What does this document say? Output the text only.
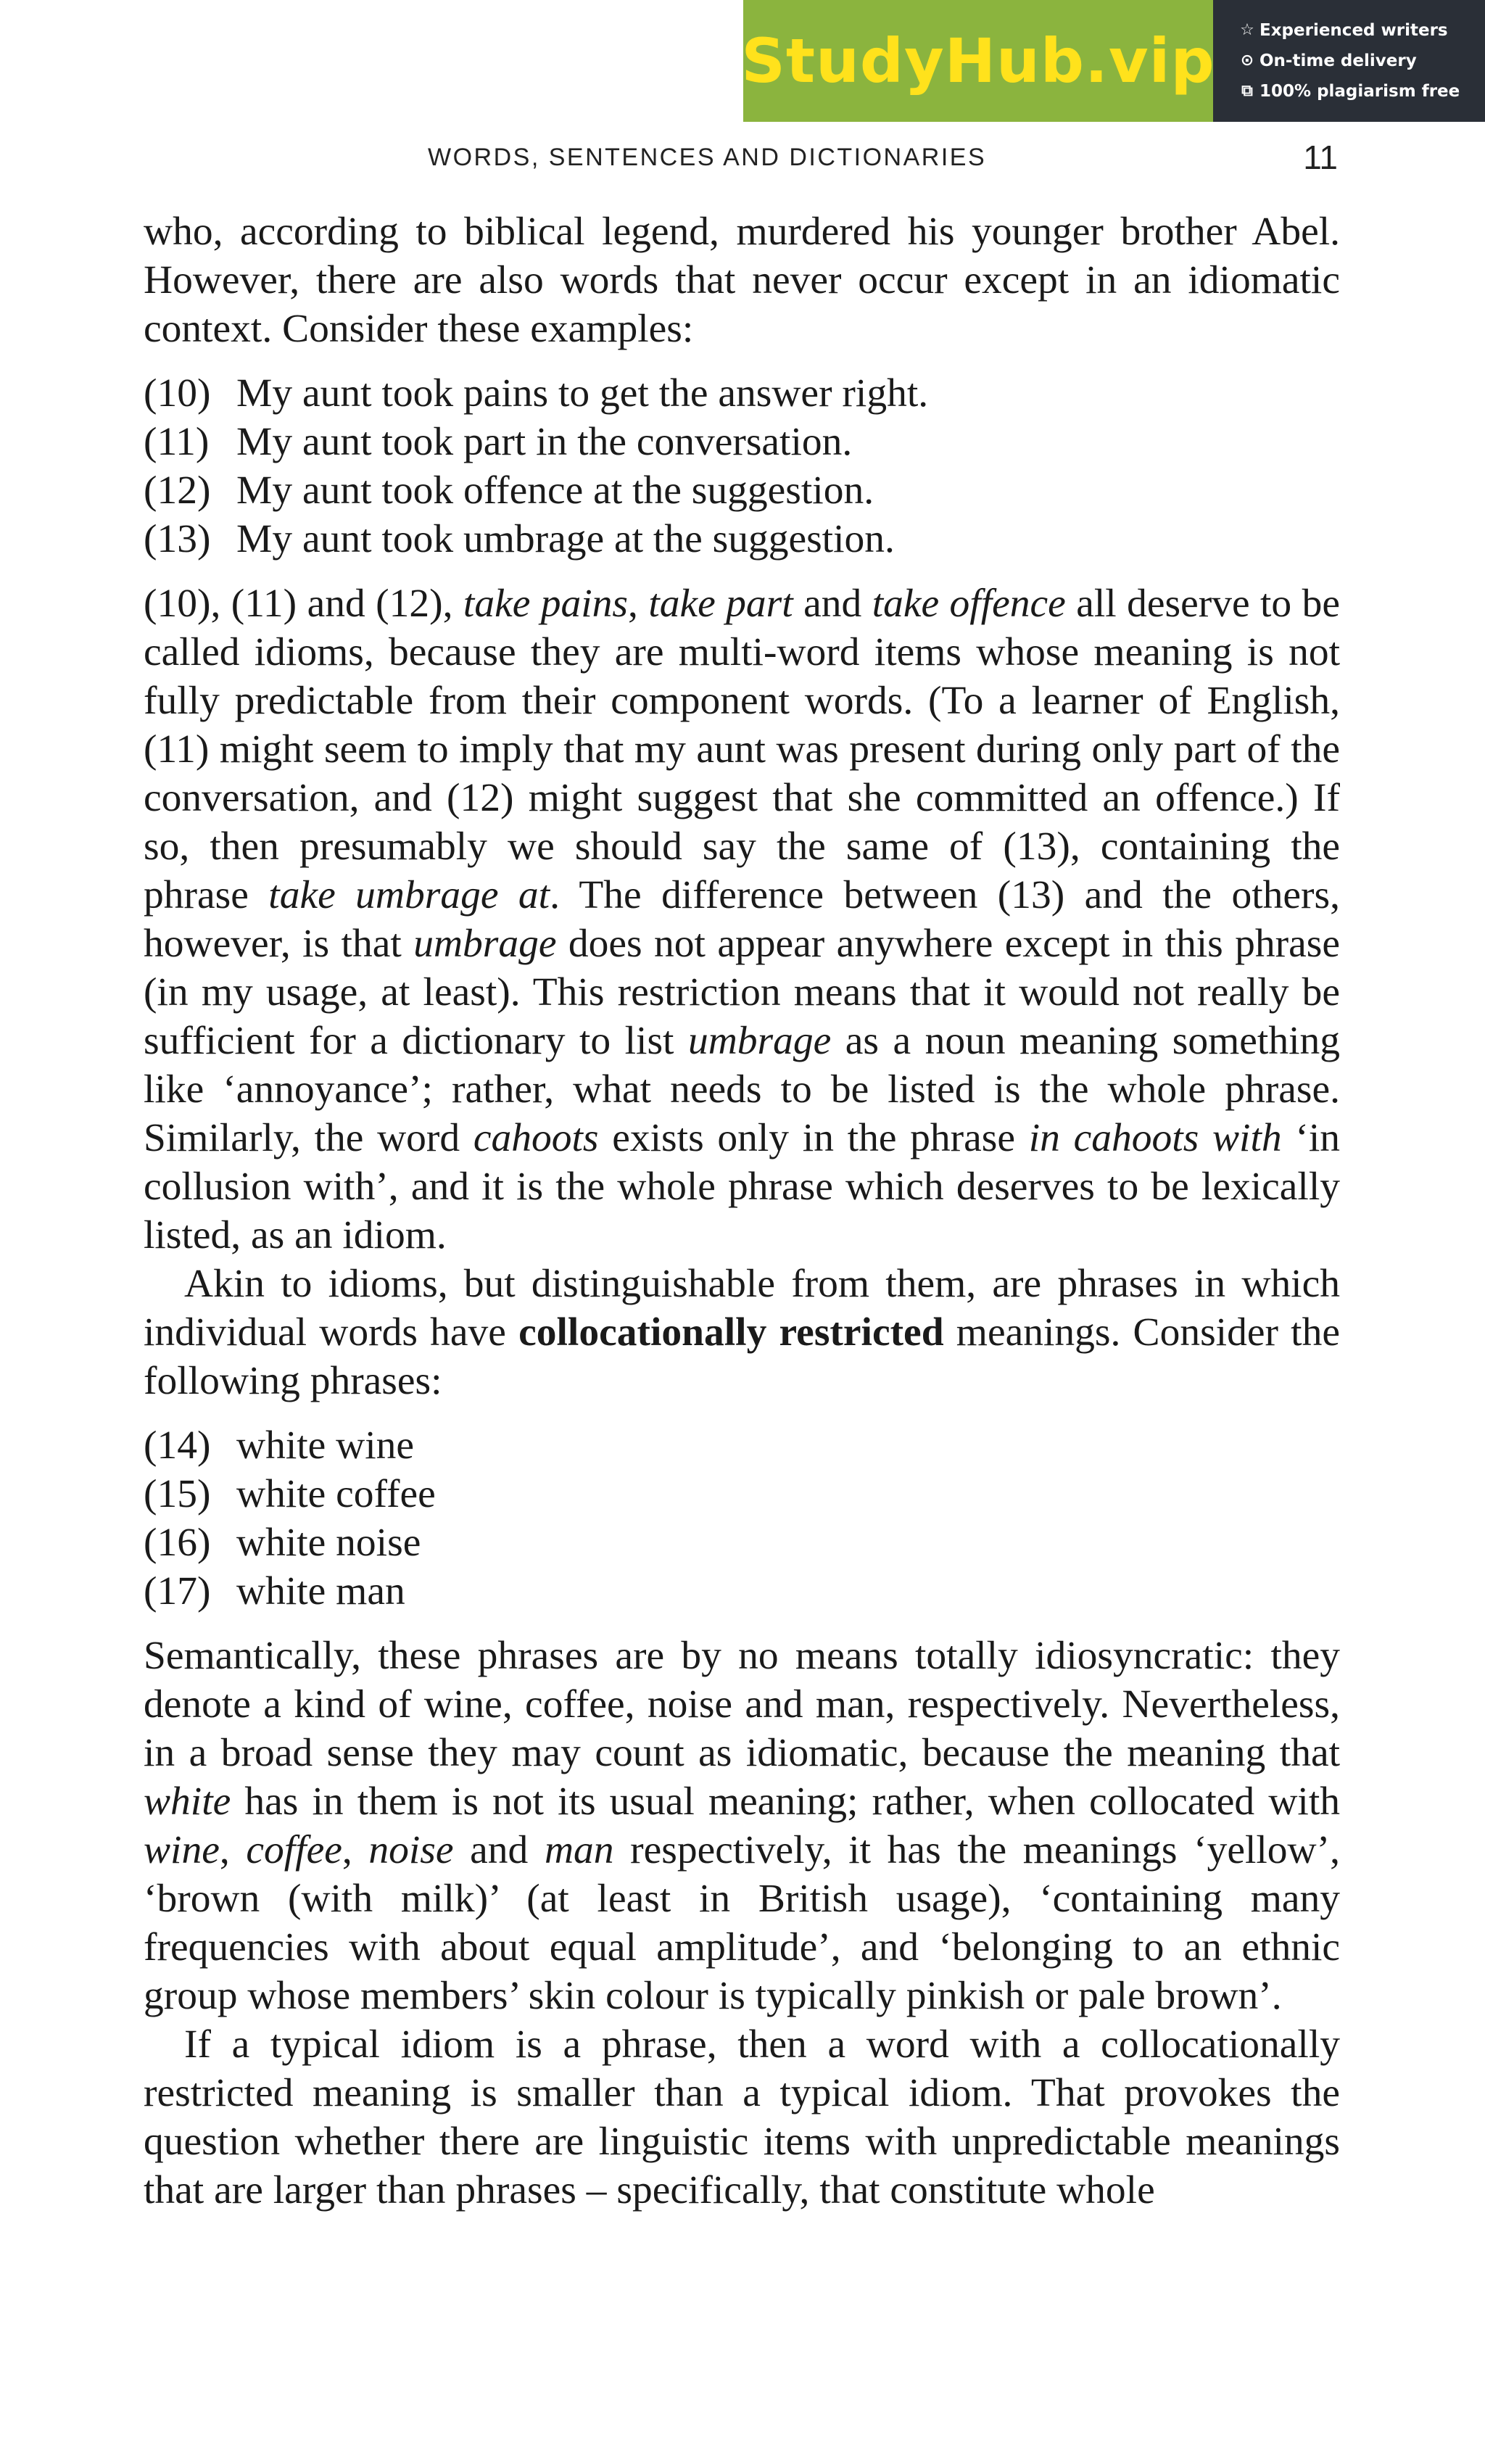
StudyHub.vip ☆ Experienced writers
⊙ On-time delivery
⧉ 100% plagiarism free
WORDS, SENTENCES AND DICTIONARIES	11

who, according to biblical legend, murdered his younger brother Abel. However, there are also words that never occur except in an idiomatic context. Consider these examples:

(10) My aunt took pains to get the answer right.
(11) My aunt took part in the conversation.
(12) My aunt took offence at the suggestion.
(13) My aunt took umbrage at the suggestion.

(10), (11) and (12), take pains, take part and take offence all deserve to be called idioms, because they are multi-word items whose meaning is not fully predictable from their component words. (To a learner of English, (11) might seem to imply that my aunt was present during only part of the conversation, and (12) might suggest that she committed an offence.) If so, then presumably we should say the same of (13), containing the phrase take umbrage at. The difference between (13) and the others, however, is that umbrage does not appear anywhere except in this phrase (in my usage, at least). This restriction means that it would not really be sufficient for a dictionary to list umbrage as a noun meaning something like ‘annoyance’; rather, what needs to be listed is the whole phrase. Similarly, the word cahoots exists only in the phrase in cahoots with ‘in collusion with’, and it is the whole phrase which deserves to be lexically listed, as an idiom.

Akin to idioms, but distinguishable from them, are phrases in which individual words have collocationally restricted meanings. Consider the following phrases:

(14) white wine
(15) white coffee
(16) white noise
(17) white man

Semantically, these phrases are by no means totally idiosyncratic: they denote a kind of wine, coffee, noise and man, respectively. Nevertheless, in a broad sense they may count as idiomatic, because the meaning that white has in them is not its usual meaning; rather, when collocated with wine, coffee, noise and man respectively, it has the meanings ‘yellow’, ‘brown (with milk)’ (at least in British usage), ‘containing many frequencies with about equal amplitude’, and ‘belonging to an ethnic group whose members’ skin colour is typically pinkish or pale brown’.

If a typical idiom is a phrase, then a word with a collocationally restricted meaning is smaller than a typical idiom. That provokes the question whether there are linguistic items with unpredictable meanings that are larger than phrases – specifically, that constitute whole
